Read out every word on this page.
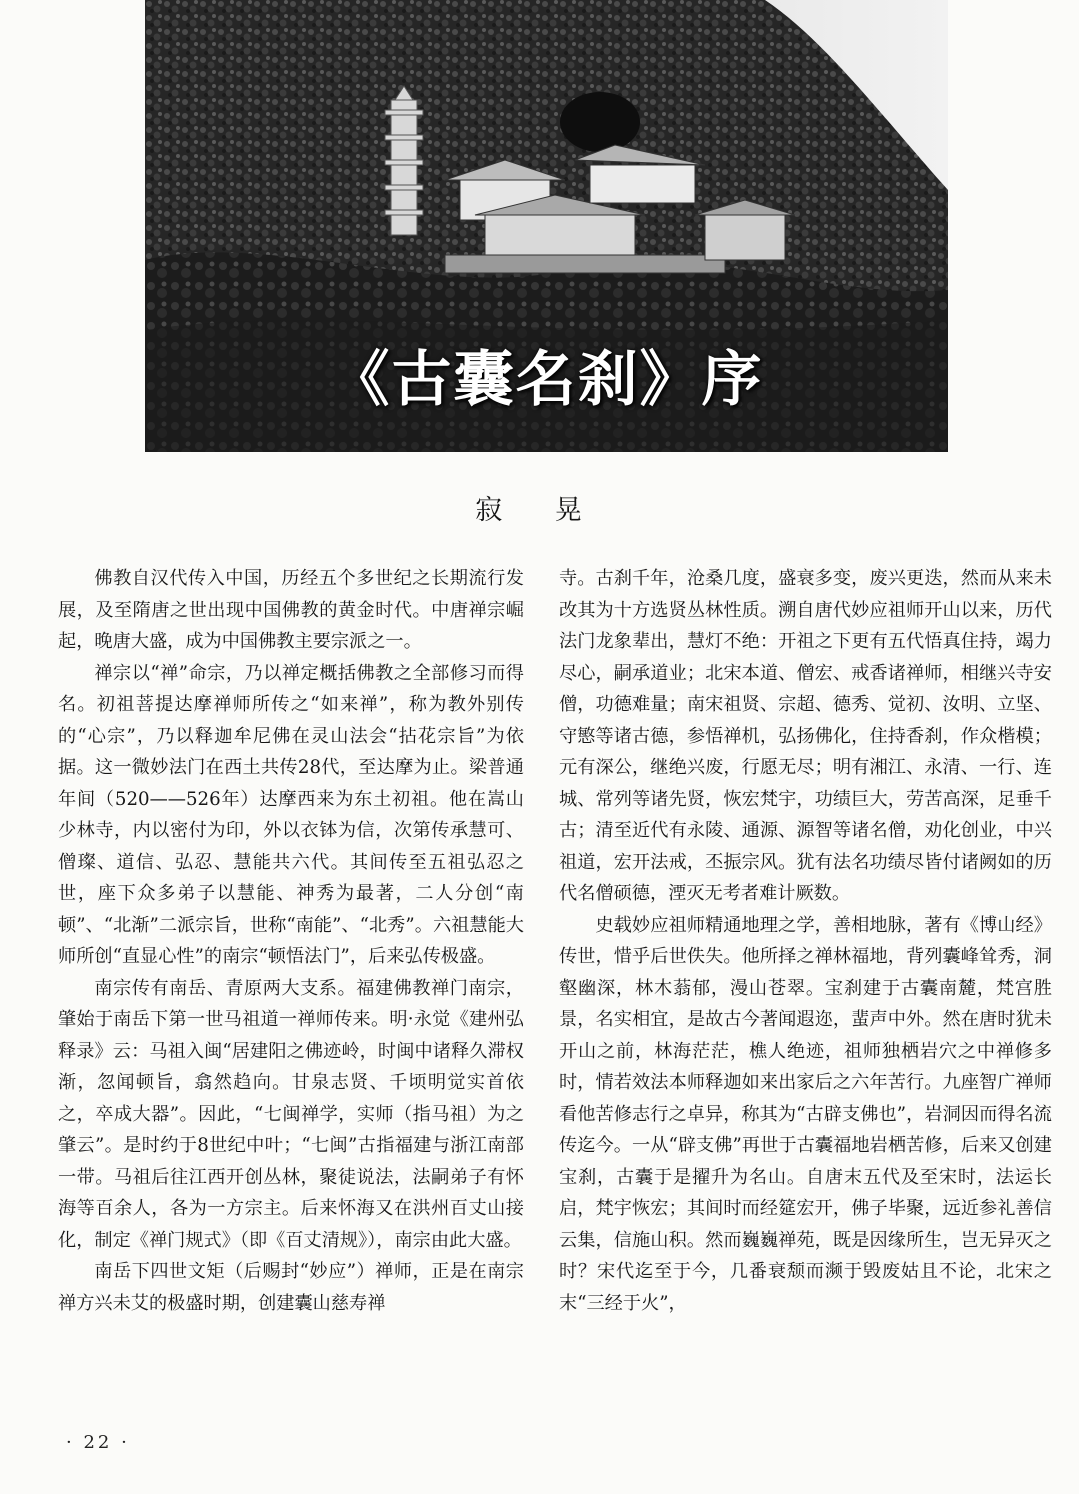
《古囊名刹》序
寂 晃

佛教自汉代传入中国，历经五个多世纪之长期流行发展，及至隋唐之世出现中国佛教的黄金时代。中唐禅宗崛起，晚唐大盛，成为中国佛教主要宗派之一。

禅宗以“禅”命宗，乃以禅定概括佛教之全部修习而得名。初祖菩提达摩禅师所传之“如来禅”，称为教外别传的“心宗”，乃以释迦牟尼佛在灵山法会“拈花宗旨”为依据。这一微妙法门在西土共传28代，至达摩为止。梁普通年间（520——526年）达摩西来为东土初祖。他在嵩山少林寺，内以密付为印，外以衣钵为信，次第传承慧可、僧璨、道信、弘忍、慧能共六代。其间传至五祖弘忍之世，座下众多弟子以慧能、神秀为最著，二人分创“南顿”、“北渐”二派宗旨，世称“南能”、“北秀”。六祖慧能大师所创“直显心性”的南宗“顿悟法门”，后来弘传极盛。

南宗传有南岳、青原两大支系。福建佛教禅门南宗，肇始于南岳下第一世马祖道一禅师传来。明·永觉《建州弘释录》云：马祖入闽“居建阳之佛迹岭，时闽中诸释久滞权渐，忽闻顿旨，翕然趋向。甘泉志贤、千顷明觉实首依之，卒成大器”。因此，“七闽禅学，实师（指马祖）为之肇云”。是时约于8世纪中叶；“七闽”古指福建与浙江南部一带。马祖后往江西开创丛林，聚徒说法，法嗣弟子有怀海等百余人，各为一方宗主。后来怀海又在洪州百丈山接化，制定《禅门规式》（即《百丈清规》），南宗由此大盛。

南岳下四世文矩（后赐封“妙应”）禅师，正是在南宗禅方兴未艾的极盛时期，创建囊山慈寿禅

寺。古刹千年，沧桑几度，盛衰多变，废兴更迭，然而从来未改其为十方选贤丛林性质。溯自唐代妙应祖师开山以来，历代法门龙象辈出，慧灯不绝：开祖之下更有五代悟真住持，竭力尽心，嗣承道业；北宋本道、僧宏、戒香诸禅师，相继兴寺安僧，功德难量；南宋祖贤、宗超、德秀、觉初、汝明、立坚、守慜等诸古德，参悟禅机，弘扬佛化，住持香刹，作众楷模；元有深公，继绝兴废，行愿无尽；明有湘江、永清、一行、连城、常列等诸先贤，恢宏梵宇，功绩巨大，劳苦高深，足垂千古；清至近代有永陵、通源、源智等诸名僧，劝化创业，中兴祖道，宏开法戒，丕振宗风。犹有法名功绩尽皆付诸阙如的历代名僧硕德，湮灭无考者难计厥数。

史载妙应祖师精通地理之学，善相地脉，著有《博山经》传世，惜乎后世佚失。他所择之禅林福地，背列囊峰耸秀，洞壑幽深，林木蓊郁，漫山苍翠。宝刹建于古囊南麓，梵宫胜景，名实相宜，是故古今著闻遐迩，蜚声中外。然在唐时犹未开山之前，林海茫茫，樵人绝迹，祖师独栖岩穴之中禅修多时，情若效法本师释迦如来出家后之六年苦行。九座智广禅师看他苦修志行之卓异，称其为“古辟支佛也”，岩洞因而得名流传迄今。一从“辟支佛”再世于古囊福地岩栖苦修，后来又创建宝刹，古囊于是擢升为名山。自唐末五代及至宋时，法运长启，梵宇恢宏；其间时而经筵宏开，佛子毕聚，远近参礼善信云集，信施山积。然而巍巍禅苑，既是因缘所生，岂无异灭之时？宋代迄至于今，几番衰颓而濒于毁废姑且不论，北宋之末“三经于火”，

· 22 ·
